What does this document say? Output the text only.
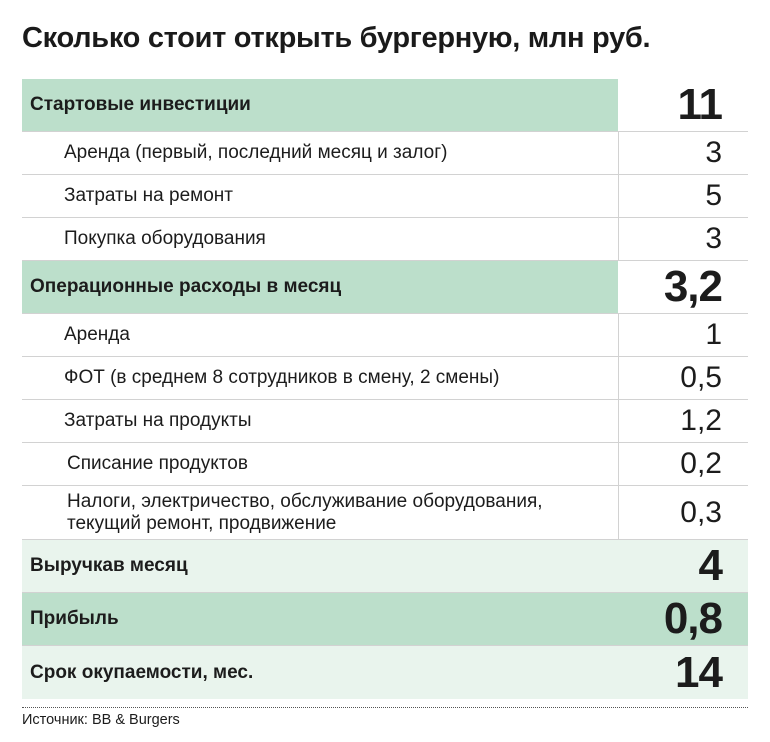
Сколько стоит открыть бургерную, млн руб.
Стартовые инвестиции	11
Аренда (первый, последний месяц и залог)	3
Затраты на ремонт	5
Покупка оборудования	3
Операционные расходы в месяц	3,2
Аренда	1
ФОТ (в среднем 8 сотрудников в смену, 2 смены)	0,5
Затраты на продукты	1,2
Списание продуктов	0,2
Налоги, электричество, обслуживание оборудования, текущий ремонт, продвижение	0,3
Выручкав месяц	4
Прибыль	0,8
Срок окупаемости, мес.	14
Источник: BB & Burgers
